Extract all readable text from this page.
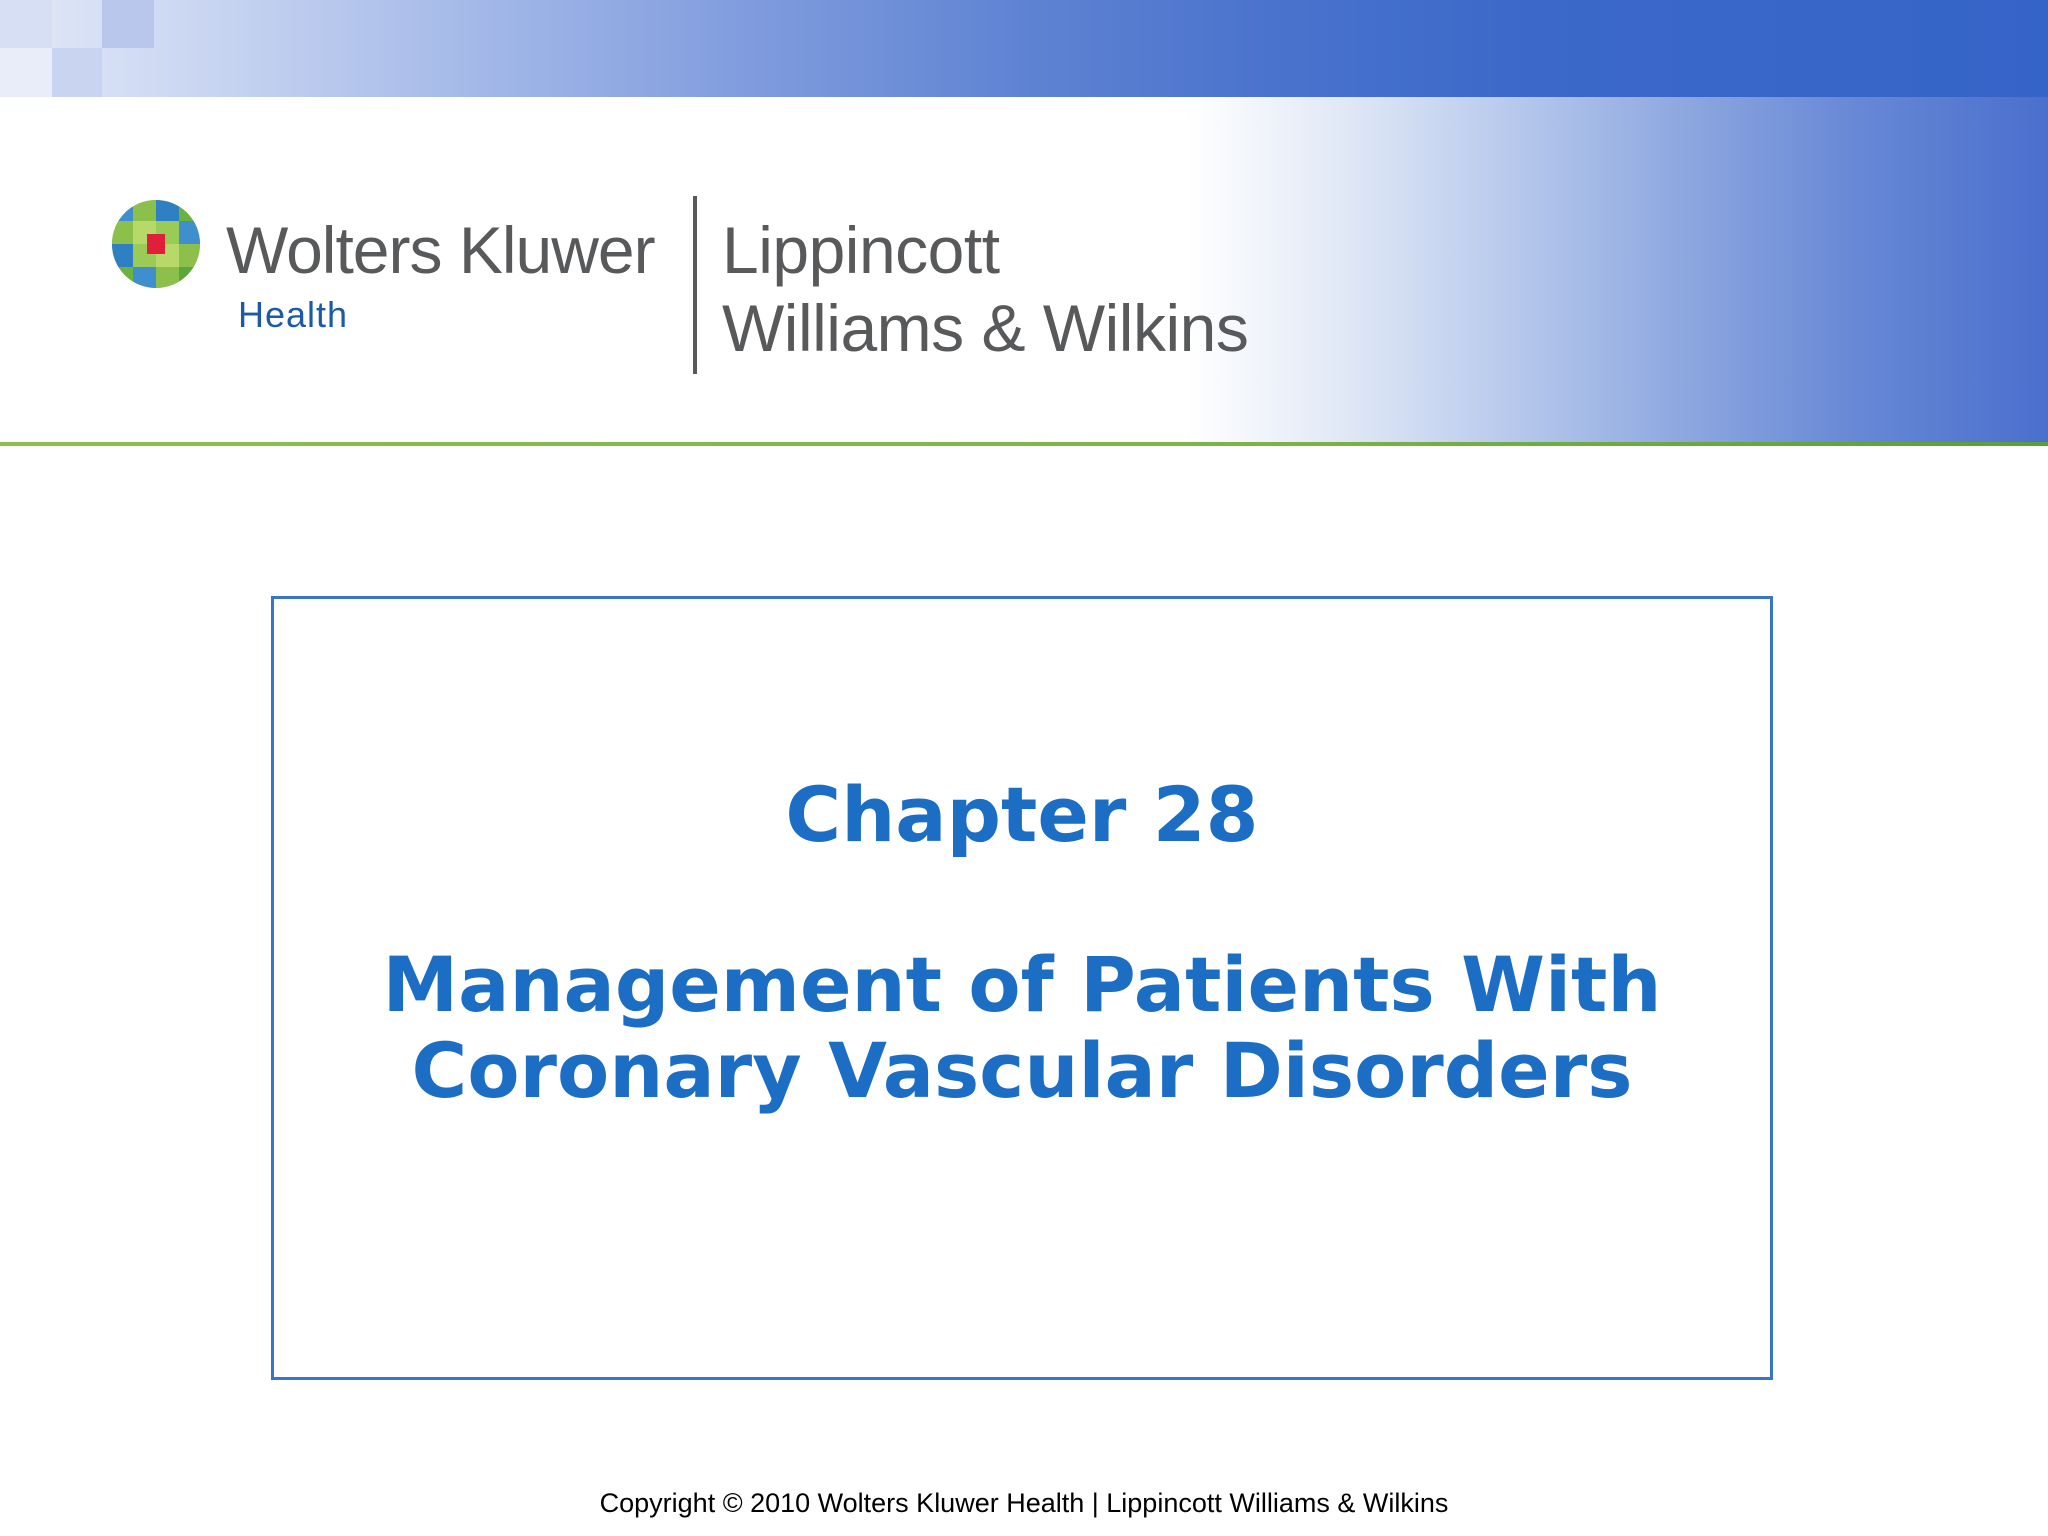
Wolters Kluwer
Health
Lippincott
Williams & Wilkins
Chapter 28
Management of Patients With
Coronary Vascular Disorders
Copyright © 2010 Wolters Kluwer Health | Lippincott Williams & Wilkins
